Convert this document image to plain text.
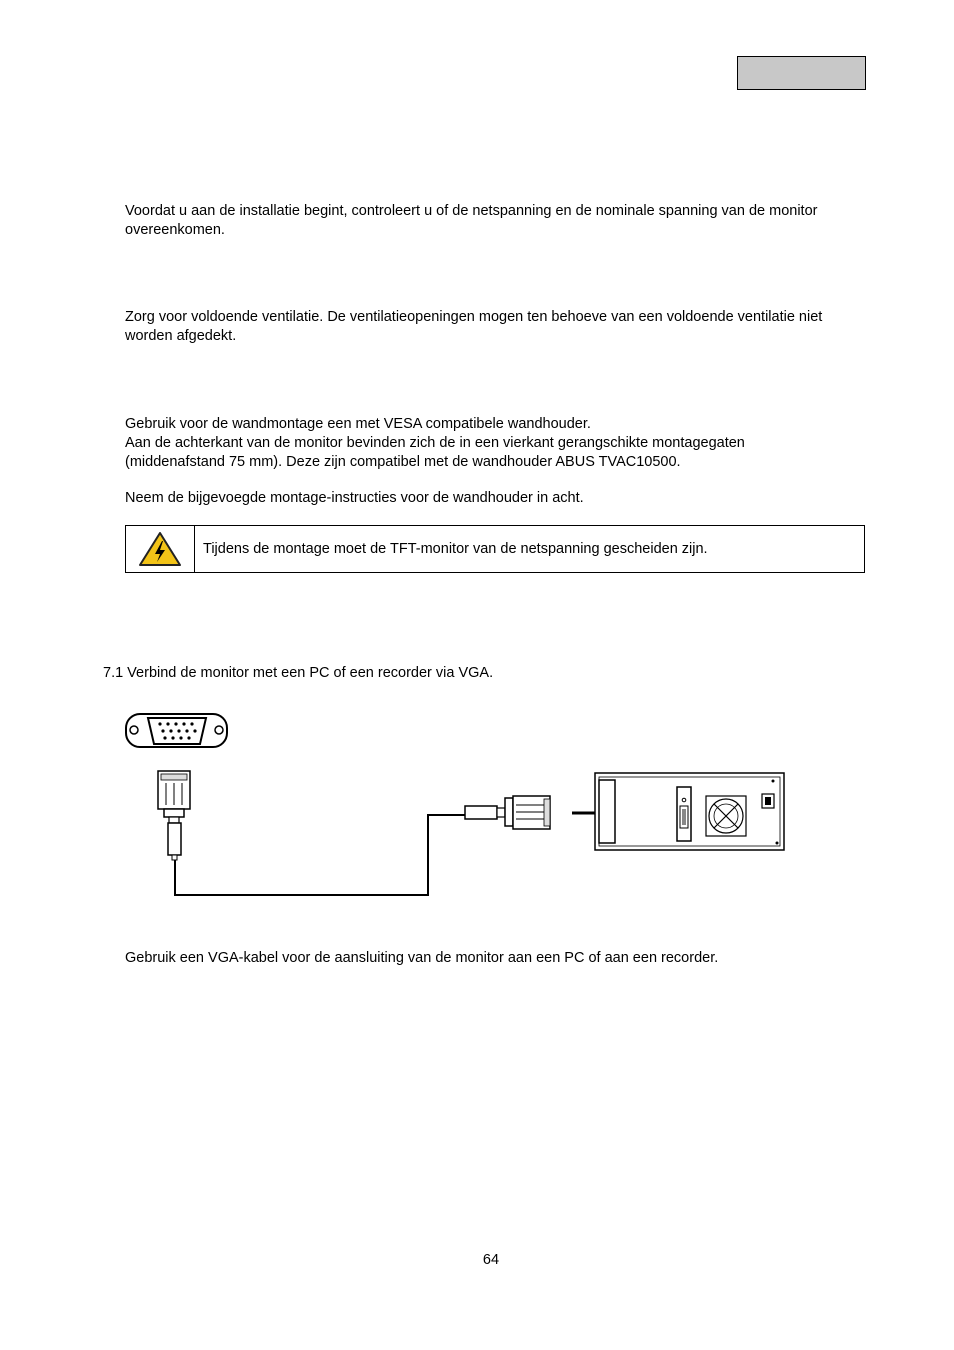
Voordat u aan de installatie begint, controleert u of de netspanning en de nominale spanning van de monitor overeenkomen.

Zorg voor voldoende ventilatie. De ventilatieopeningen mogen ten behoeve van een voldoende ventilatie niet worden afgedekt.

Gebruik voor de wandmontage een met VESA compatibele wandhouder.

Aan de achterkant van de monitor bevinden zich de in een vierkant gerangschikte montagegaten (middenafstand 75 mm). Deze zijn compatibel met de wandhouder ABUS TVAC10500.

Neem de bijgevoegde montage-instructies voor de wandhouder in acht.

Tijdens de montage moet de TFT-monitor van de netspanning gescheiden zijn.
7.1 Verbind de monitor met een PC of een recorder via VGA.

Gebruik een VGA-kabel voor de aansluiting van de monitor aan een PC of aan een recorder.

64
